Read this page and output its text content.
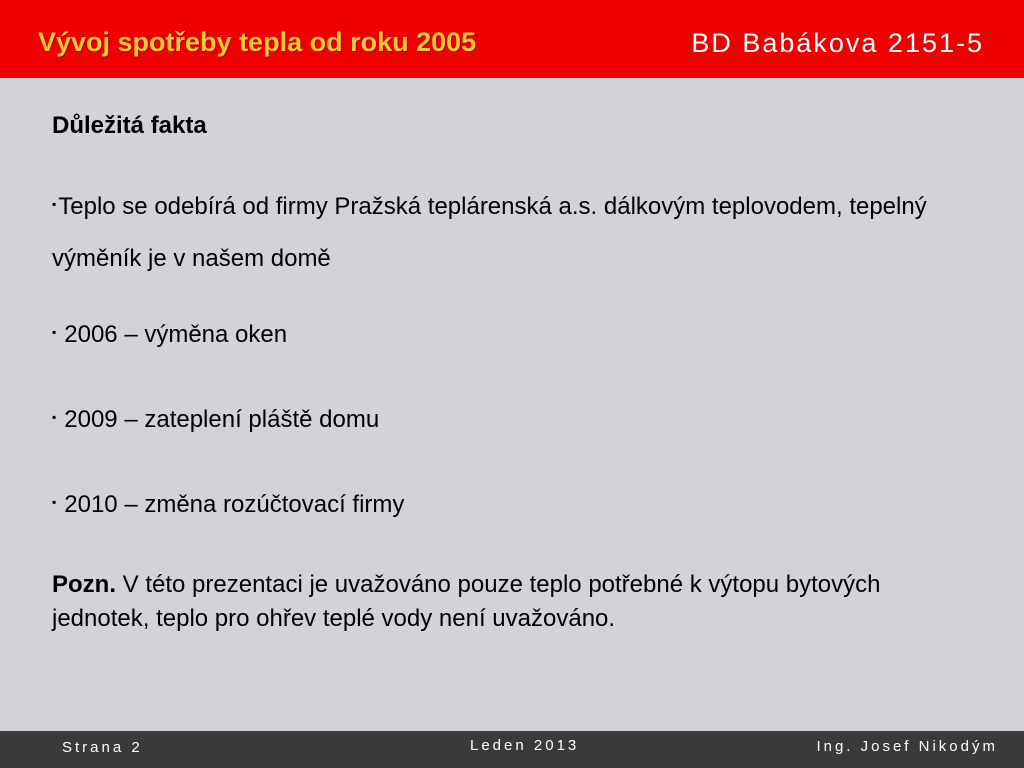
Vývoj spotřeby tepla od roku 2005	BD Babákova 2151-5
Důležitá fakta
▪Teplo se odebírá od firmy Pražská teplárenská a.s. dálkovým teplovodem, tepelný výměník je v našem domě
▪ 2006 – výměna oken
▪ 2009 – zateplení pláště domu
▪ 2010 – změna rozúčtovací firmy
Pozn. V této prezentaci je uvažováno pouze teplo potřebné k výtopu bytových jednotek, teplo pro ohřev teplé vody není uvažováno.
Strana 2	Leden 2013	Ing. Josef Nikodým
